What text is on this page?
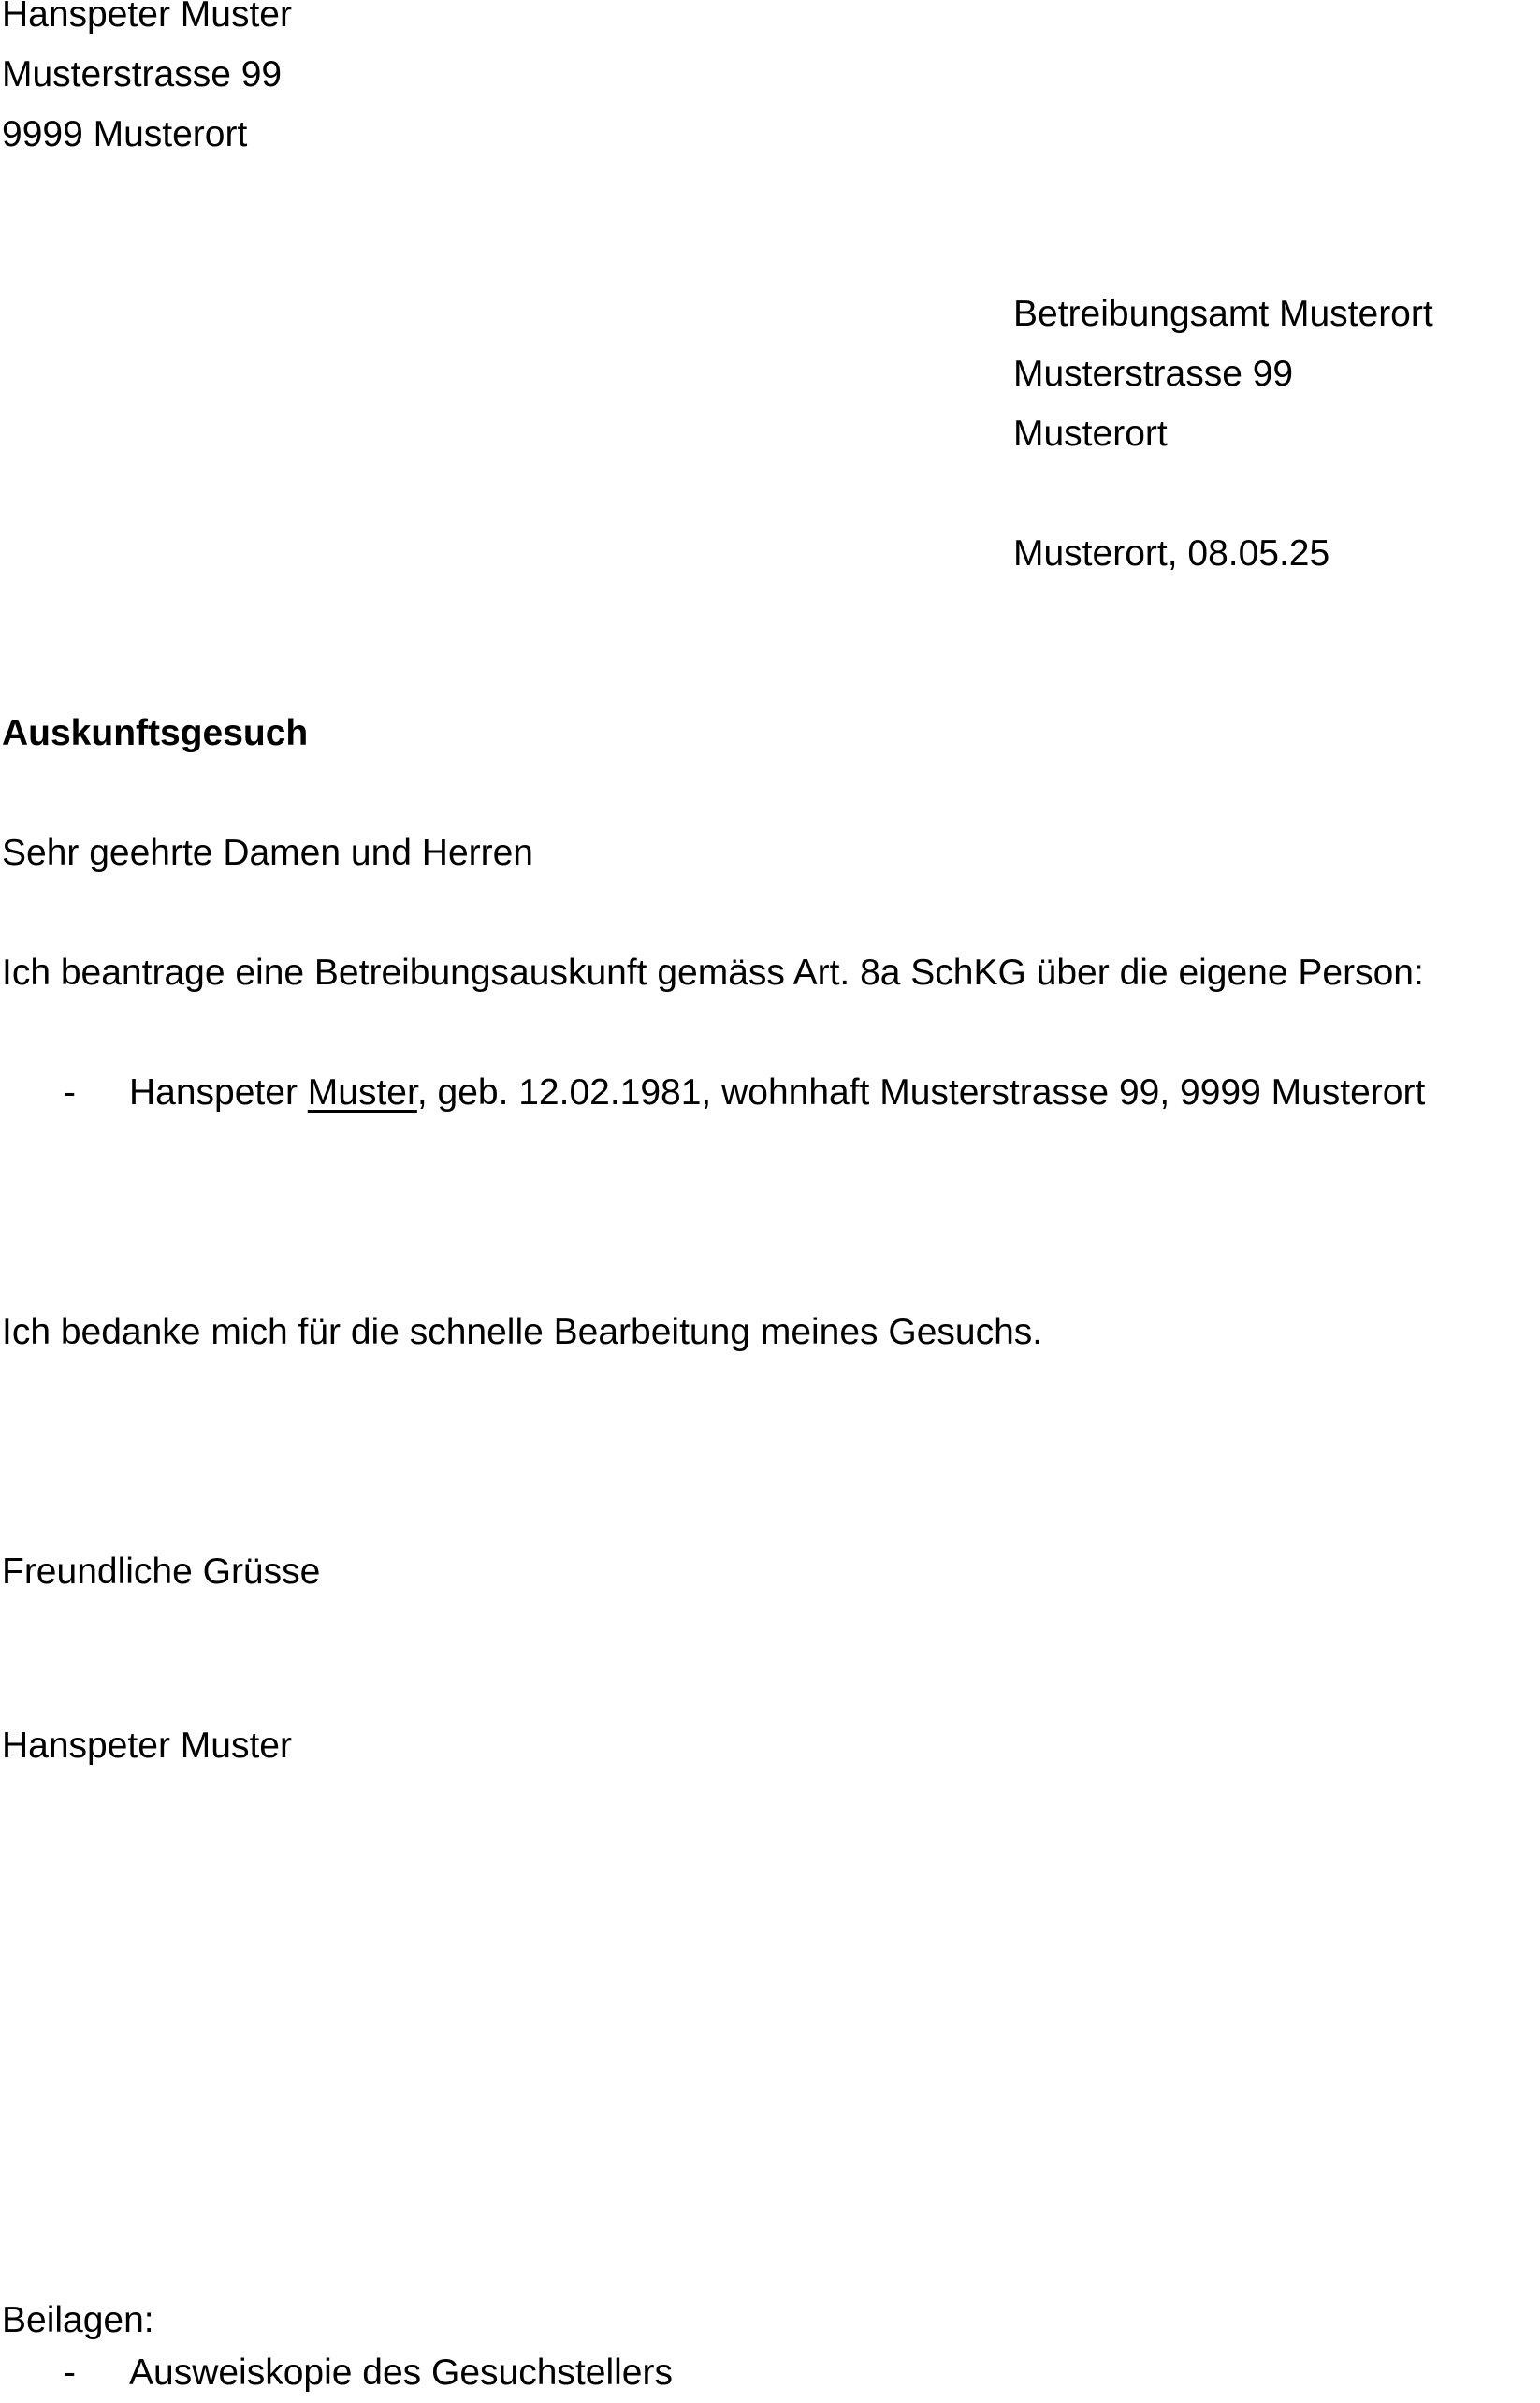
Hanspeter Muster
Musterstrasse 99
9999 Musterort
Betreibungsamt Musterort
Musterstrasse 99
Musterort
Musterort, 08.05.25
Auskunftsgesuch
Sehr geehrte Damen und Herren
Ich beantrage eine Betreibungsauskunft gemäss Art. 8a SchKG über die eigene Person:
-	Hanspeter Muster, geb. 12.02.1981, wohnhaft Musterstrasse 99, 9999 Musterort
Ich bedanke mich für die schnelle Bearbeitung meines Gesuchs.
Freundliche Grüsse
Hanspeter Muster
Beilagen:
-	Ausweiskopie des Gesuchstellers
